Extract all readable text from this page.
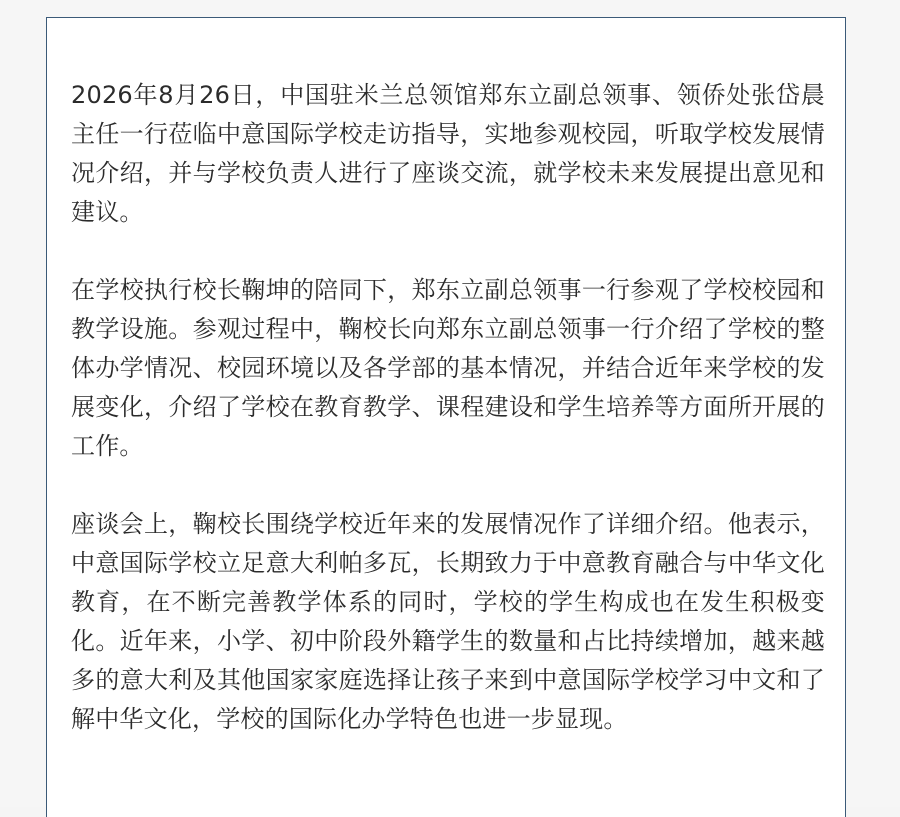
2026年8月26日，中国驻米兰总领馆郑东立副总领事、领侨处张岱晨主任一行莅临中意国际学校走访指导，实地参观校园，听取学校发展情况介绍，并与学校负责人进行了座谈交流，就学校未来发展提出意见和建议。

在学校执行校长鞠坤的陪同下，郑东立副总领事一行参观了学校校园和教学设施。参观过程中，鞠校长向郑东立副总领事一行介绍了学校的整体办学情况、校园环境以及各学部的基本情况，并结合近年来学校的发展变化，介绍了学校在教育教学、课程建设和学生培养等方面所开展的工作。

座谈会上，鞠校长围绕学校近年来的发展情况作了详细介绍。他表示，中意国际学校立足意大利帕多瓦，长期致力于中意教育融合与中华文化教育，在不断完善教学体系的同时，学校的学生构成也在发生积极变化。近年来，小学、初中阶段外籍学生的数量和占比持续增加，越来越多的意大利及其他国家家庭选择让孩子来到中意国际学校学习中文和了解中华文化，学校的国际化办学特色也进一步显现。
